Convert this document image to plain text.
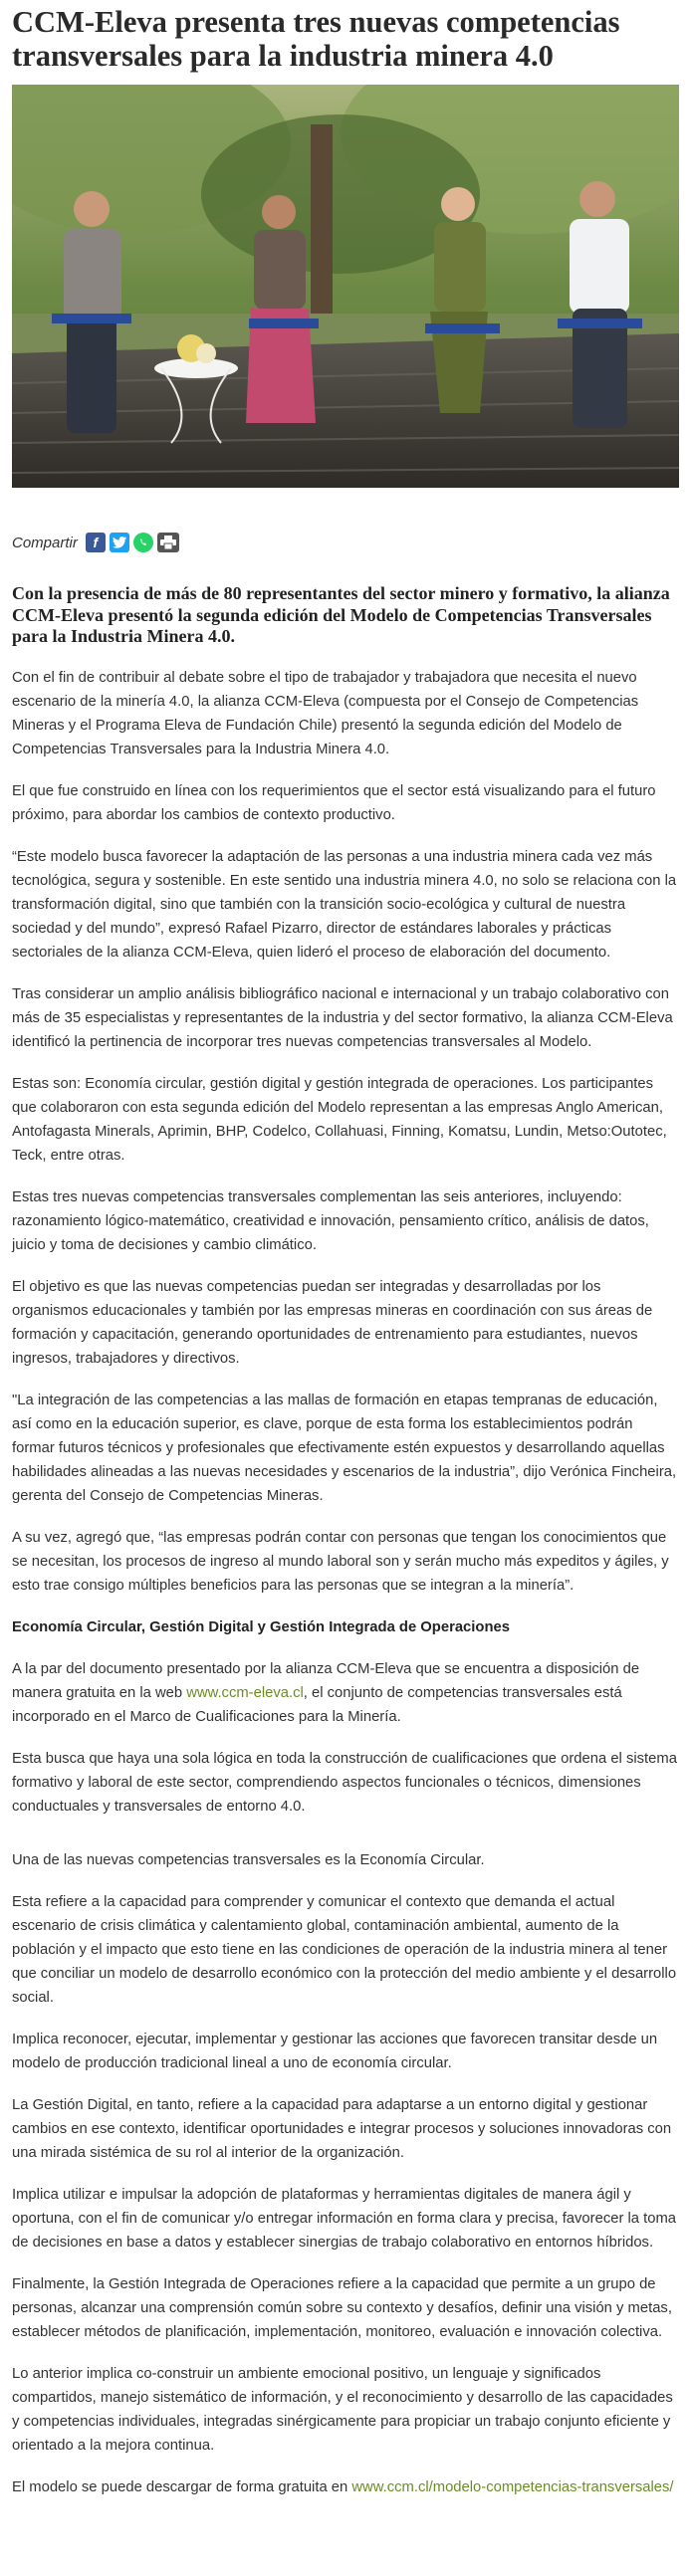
CCM-Eleva presenta tres nuevas competencias transversales para la industria minera 4.0
Compartir	f

Con la presencia de más de 80 representantes del sector minero y formativo, la alianza CCM-Eleva presentó la segunda edición del Modelo de Competencias Transversales para la Industria Minera 4.0.

Con el fin de contribuir al debate sobre el tipo de trabajador y trabajadora que necesita el nuevo escenario de la minería 4.0, la alianza CCM-Eleva (compuesta por el Consejo de Competencias Mineras y el Programa Eleva de Fundación Chile) presentó la segunda edición del Modelo de Competencias Transversales para la Industria Minera 4.0.

El que fue construido en línea con los requerimientos que el sector está visualizando para el futuro próximo, para abordar los cambios de contexto productivo.

“Este modelo busca favorecer la adaptación de las personas a una industria minera cada vez más tecnológica, segura y sostenible. En este sentido una industria minera 4.0, no solo se relaciona con la transformación digital, sino que también con la transición socio-ecológica y cultural de nuestra sociedad y del mundo”, expresó Rafael Pizarro, director de estándares laborales y prácticas sectoriales de la alianza CCM-Eleva, quien lideró el proceso de elaboración del documento.

Tras considerar un amplio análisis bibliográfico nacional e internacional y un trabajo colaborativo con más de 35 especialistas y representantes de la industria y del sector formativo, la alianza CCM-Eleva identificó la pertinencia de incorporar tres nuevas competencias transversales al Modelo.

Estas son: Economía circular, gestión digital y gestión integrada de operaciones. Los participantes que colaboraron con esta segunda edición del Modelo representan a las empresas Anglo American, Antofagasta Minerals, Aprimin, BHP, Codelco, Collahuasi, Finning, Komatsu, Lundin, Metso:Outotec, Teck, entre otras.

Estas tres nuevas competencias transversales complementan las seis anteriores, incluyendo: razonamiento lógico-matemático, creatividad e innovación, pensamiento crítico, análisis de datos, juicio y toma de decisiones y cambio climático.

El objetivo es que las nuevas competencias puedan ser integradas y desarrolladas por los organismos educacionales y también por las empresas mineras en coordinación con sus áreas de formación y capacitación, generando oportunidades de entrenamiento para estudiantes, nuevos ingresos, trabajadores y directivos.

"La integración de las competencias a las mallas de formación en etapas tempranas de educación, así como en la educación superior, es clave, porque de esta forma los establecimientos podrán formar futuros técnicos y profesionales que efectivamente estén expuestos y desarrollando aquellas habilidades alineadas a las nuevas necesidades y escenarios de la industria”, dijo Verónica Fincheira, gerenta del Consejo de Competencias Mineras.

A su vez, agregó que, “las empresas podrán contar con personas que tengan los conocimientos que se necesitan, los procesos de ingreso al mundo laboral son y serán mucho más expeditos y ágiles, y esto trae consigo múltiples beneficios para las personas que se integran a la minería”.

Economía Circular, Gestión Digital y Gestión Integrada de Operaciones

A la par del documento presentado por la alianza CCM-Eleva que se encuentra a disposición de manera gratuita en la web www.ccm-eleva.cl, el conjunto de competencias transversales está incorporado en el Marco de Cualificaciones para la Minería.

Esta busca que haya una sola lógica en toda la construcción de cualificaciones que ordena el sistema formativo y laboral de este sector, comprendiendo aspectos funcionales o técnicos, dimensiones conductuales y transversales de entorno 4.0.

Una de las nuevas competencias transversales es la Economía Circular.

Esta refiere a la capacidad para comprender y comunicar el contexto que demanda el actual escenario de crisis climática y calentamiento global, contaminación ambiental, aumento de la población y el impacto que esto tiene en las condiciones de operación de la industria minera al tener que conciliar un modelo de desarrollo económico con la protección del medio ambiente y el desarrollo social.

Implica reconocer, ejecutar, implementar y gestionar las acciones que favorecen transitar desde un modelo de producción tradicional lineal a uno de economía circular.

La Gestión Digital, en tanto, refiere a la capacidad para adaptarse a un entorno digital y gestionar cambios en ese contexto, identificar oportunidades e integrar procesos y soluciones innovadoras con una mirada sistémica de su rol al interior de la organización.

Implica utilizar e impulsar la adopción de plataformas y herramientas digitales de manera ágil y oportuna, con el fin de comunicar y/o entregar información en forma clara y precisa, favorecer la toma de decisiones en base a datos y establecer sinergias de trabajo colaborativo en entornos híbridos.

Finalmente, la Gestión Integrada de Operaciones refiere a la capacidad que permite a un grupo de personas, alcanzar una comprensión común sobre su contexto y desafíos, definir una visión y metas, establecer métodos de planificación, implementación, monitoreo, evaluación e innovación colectiva.

Lo anterior implica co-construir un ambiente emocional positivo, un lenguaje y significados compartidos, manejo sistemático de información, y el reconocimiento y desarrollo de las capacidades y competencias individuales, integradas sinérgicamente para propiciar un trabajo conjunto eficiente y orientado a la mejora continua.

El modelo se puede descargar de forma gratuita en www.ccm.cl/modelo-competencias-transversales/
